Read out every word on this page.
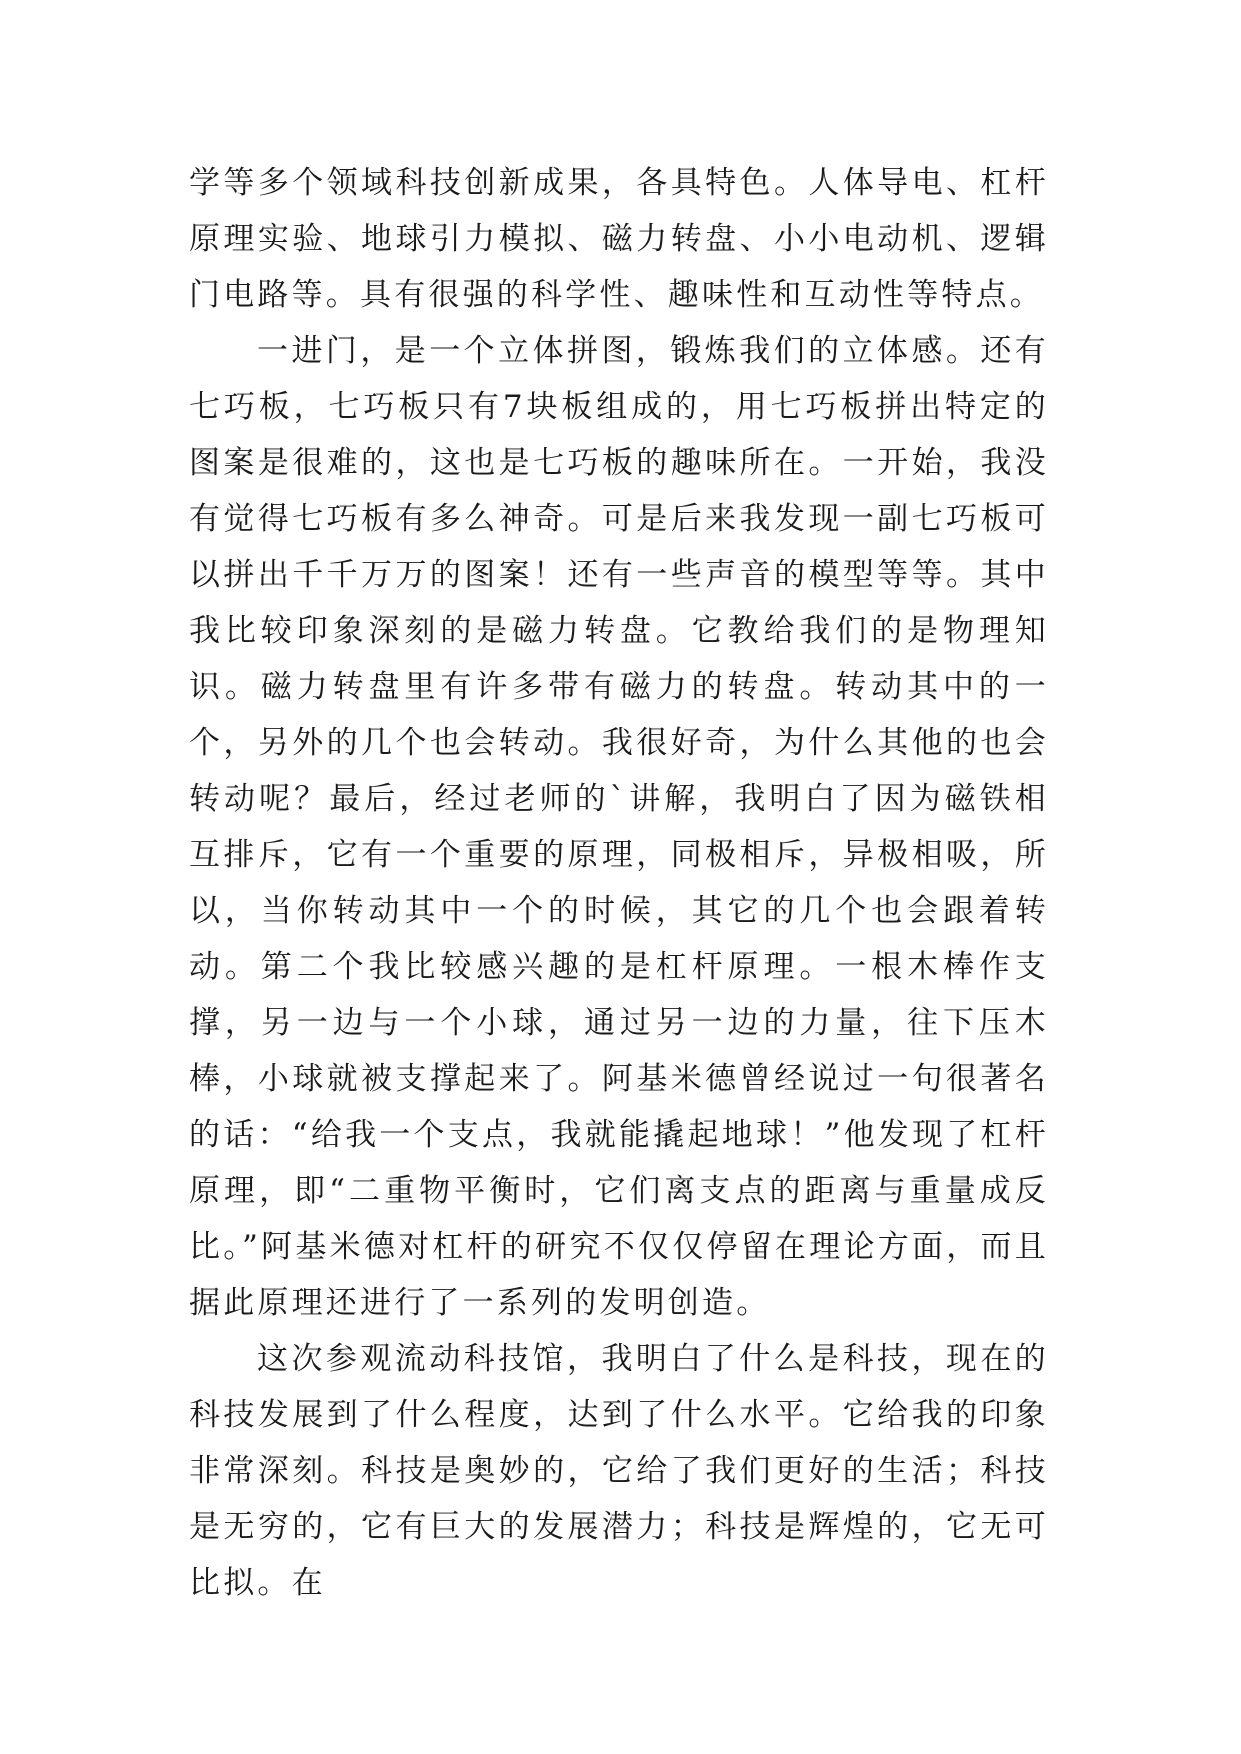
学等多个领域科技创新成果，各具特色。人体导电、杠杆原理实验、地球引力模拟、磁力转盘、小小电动机、逻辑门电路等。具有很强的科学性、趣味性和互动性等特点。

一进门，是一个立体拼图，锻炼我们的立体感。还有七巧板，七巧板只有7块板组成的，用七巧板拼出特定的图案是很难的，这也是七巧板的趣味所在。一开始，我没有觉得七巧板有多么神奇。可是后来我发现一副七巧板可以拼出千千万万的图案！还有一些声音的模型等等。其中我比较印象深刻的是磁力转盘。它教给我们的是物理知识。磁力转盘里有许多带有磁力的转盘。转动其中的一个，另外的几个也会转动。我很好奇，为什么其他的也会转动呢？最后，经过老师的`讲解，我明白了因为磁铁相互排斥，它有一个重要的原理，同极相斥，异极相吸，所以，当你转动其中一个的时候，其它的几个也会跟着转动。第二个我比较感兴趣的是杠杆原理。一根木棒作支撑，另一边与一个小球，通过另一边的力量，往下压木棒，小球就被支撑起来了。阿基米德曾经说过一句很著名的话：“给我一个支点，我就能撬起地球！”他发现了杠杆原理，即“二重物平衡时，它们离支点的距离与重量成反比。”阿基米德对杠杆的研究不仅仅停留在理论方面，而且据此原理还进行了一系列的发明创造。

这次参观流动科技馆，我明白了什么是科技，现在的科技发展到了什么程度，达到了什么水平。它给我的印象非常深刻。科技是奥妙的，它给了我们更好的生活；科技是无穷的，它有巨大的发展潜力；科技是辉煌的，它无可比拟。在
